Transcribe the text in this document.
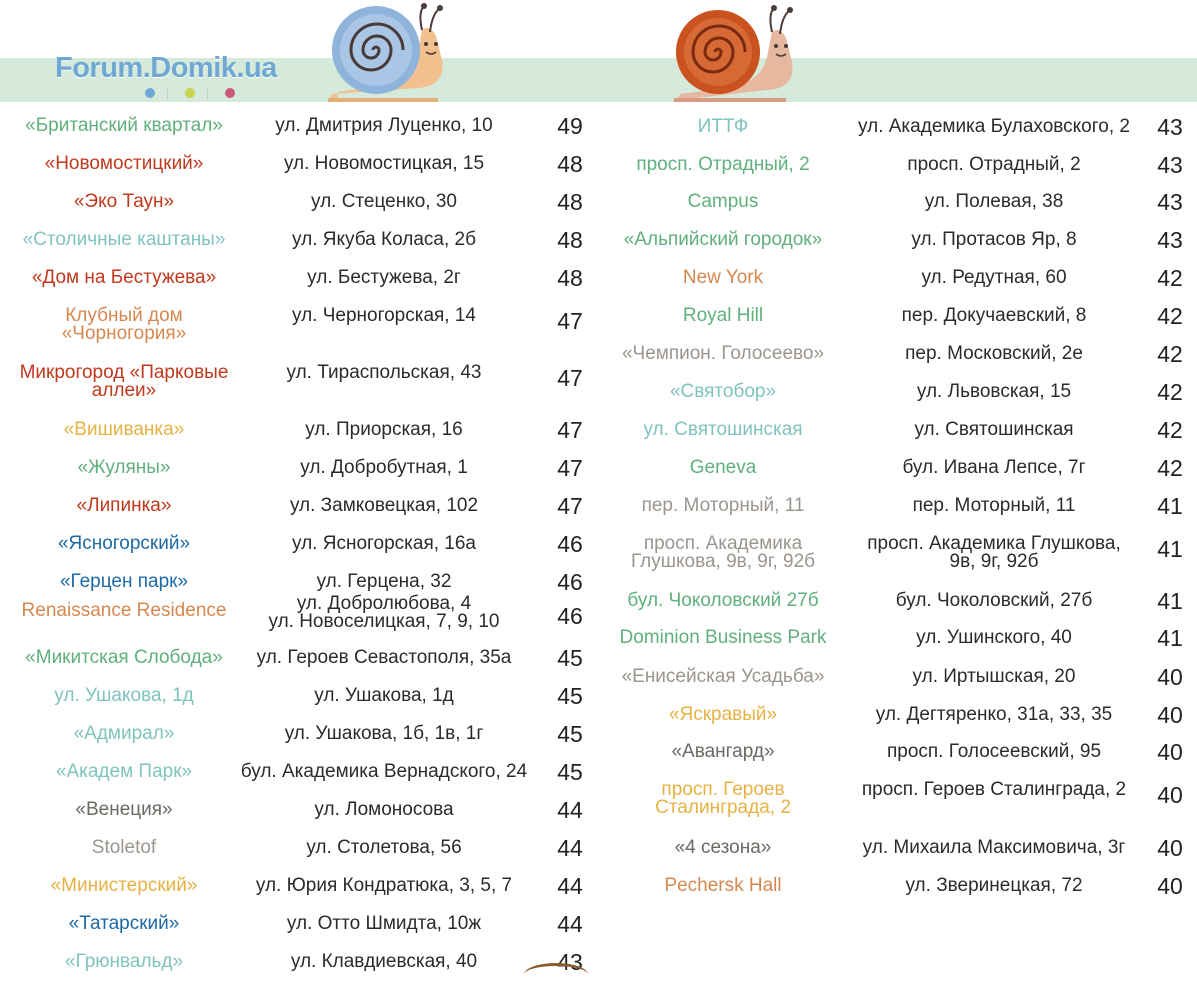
Forum.Domik.ua
«Британский квартал»	ул. Дмитрия Луценко, 10	49
«Новомостицкий»	ул. Новомостицкая, 15	48
«Эко Таун»	ул. Стеценко, 30	48
«Столичные каштаны»	ул. Якуба Коласа, 2б	48
«Дом на Бестужева»	ул. Бестужева, 2г	48
Клубный дом
«Чорногория»
ул. Черногорская, 14	47
Микрогород «Парковые
аллеи»
ул. Тираспольская, 43	47
«Вишиванка»	ул. Приорская, 16	47
«Жуляны»	ул. Добробутная, 1	47
«Липинка»	ул. Замковецкая, 102	47
«Ясногорский»	ул. Ясногорская, 16а	46
«Герцен парк»	ул. Герцена, 32	46
Renaissance Residence	ул. Добролюбова, 4
ул. Новоселицкая, 7, 9, 10	46
«Микитская Слобода»	ул. Героев Севастополя, 35а	45
ул. Ушакова, 1д	ул. Ушакова, 1д	45
«Адмирал»	ул. Ушакова, 1б, 1в, 1г	45
«Академ Парк»	бул. Академика Вернадского, 24	45
«Венеция»	ул. Ломоносова	44
Stoletof	ул. Столетова, 56	44
«Министерский»	ул. Юрия Кондратюка, 3, 5, 7	44
«Татарский»	ул. Отто Шмидта, 10ж	44
«Грюнвальд»	ул. Клавдиевская, 40	43
ИТТФ	ул. Академика Булаховского, 2	43
просп. Отрадный, 2	просп. Отрадный, 2	43
Campus	ул. Полевая, 38	43
«Альпийский городок»	ул. Протасов Яр, 8	43
New York	ул. Редутная, 60	42
Royal Hill	пер. Докучаевский, 8	42
«Чемпион. Голосеево»	пер. Московский, 2е	42
«Святобор»	ул. Львовская, 15	42
ул. Святошинская	ул. Святошинская	42
Geneva	бул. Ивана Лепсе, 7г	42
пер. Моторный, 11	пер. Моторный, 11	41
просп. Академика
Глушкова, 9в, 9г, 92б
просп. Академика Глушкова,
9в, 9г, 92б	41
бул. Чоколовский 27б	бул. Чоколовский, 27б	41
Dominion Business Park	ул. Ушинского, 40	41
«Енисейская Усадьба»	ул. Иртышская, 20	40
«Яскравый»	ул. Дегтяренко, 31а, 33, 35	40
«Авангард»	просп. Голосеевский, 95	40
просп. Героев
Сталинграда, 2
просп. Героев Сталинграда, 2	40
«4 сезона»	ул. Михаила Максимовича, 3г	40
Pechersk Hall	ул. Зверинецкая, 72	40
